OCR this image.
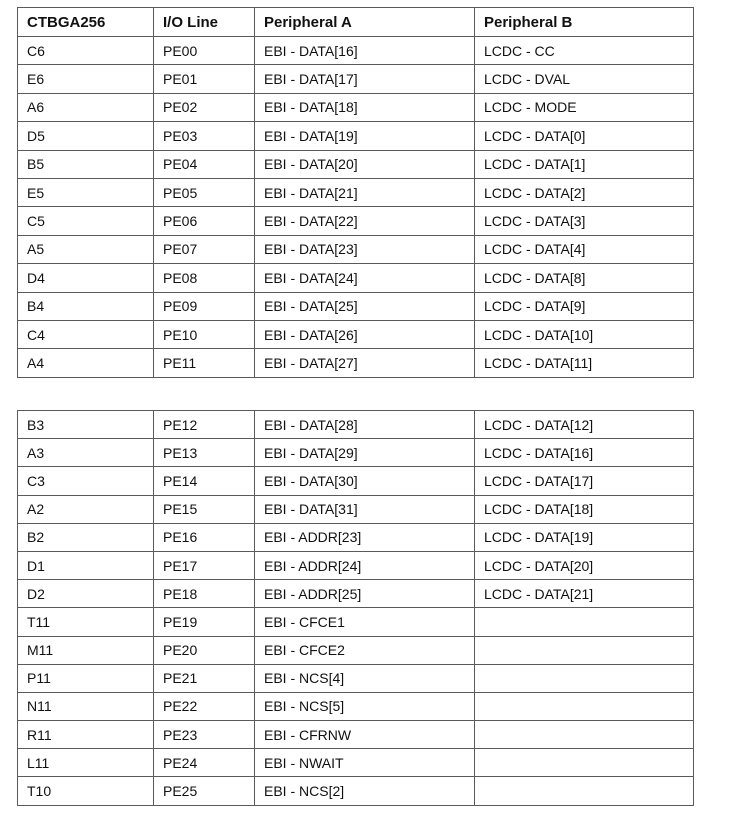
CTBGA256	I/O Line	Peripheral A	Peripheral B
C6	PE00	EBI - DATA[16]	LCDC - CC
E6	PE01	EBI - DATA[17]	LCDC - DVAL
A6	PE02	EBI - DATA[18]	LCDC - MODE
D5	PE03	EBI - DATA[19]	LCDC - DATA[0]
B5	PE04	EBI - DATA[20]	LCDC - DATA[1]
E5	PE05	EBI - DATA[21]	LCDC - DATA[2]
C5	PE06	EBI - DATA[22]	LCDC - DATA[3]
A5	PE07	EBI - DATA[23]	LCDC - DATA[4]
D4	PE08	EBI - DATA[24]	LCDC - DATA[8]
B4	PE09	EBI - DATA[25]	LCDC - DATA[9]
C4	PE10	EBI - DATA[26]	LCDC - DATA[10]
A4	PE11	EBI - DATA[27]	LCDC - DATA[11]
B3	PE12	EBI - DATA[28]	LCDC - DATA[12]
A3	PE13	EBI - DATA[29]	LCDC - DATA[16]
C3	PE14	EBI - DATA[30]	LCDC - DATA[17]
A2	PE15	EBI - DATA[31]	LCDC - DATA[18]
B2	PE16	EBI - ADDR[23]	LCDC - DATA[19]
D1	PE17	EBI - ADDR[24]	LCDC - DATA[20]
D2	PE18	EBI - ADDR[25]	LCDC - DATA[21]
T11	PE19	EBI - CFCE1	
M11	PE20	EBI - CFCE2	
P11	PE21	EBI - NCS[4]	
N11	PE22	EBI - NCS[5]	
R11	PE23	EBI - CFRNW	
L11	PE24	EBI - NWAIT	
T10	PE25	EBI - NCS[2]	
